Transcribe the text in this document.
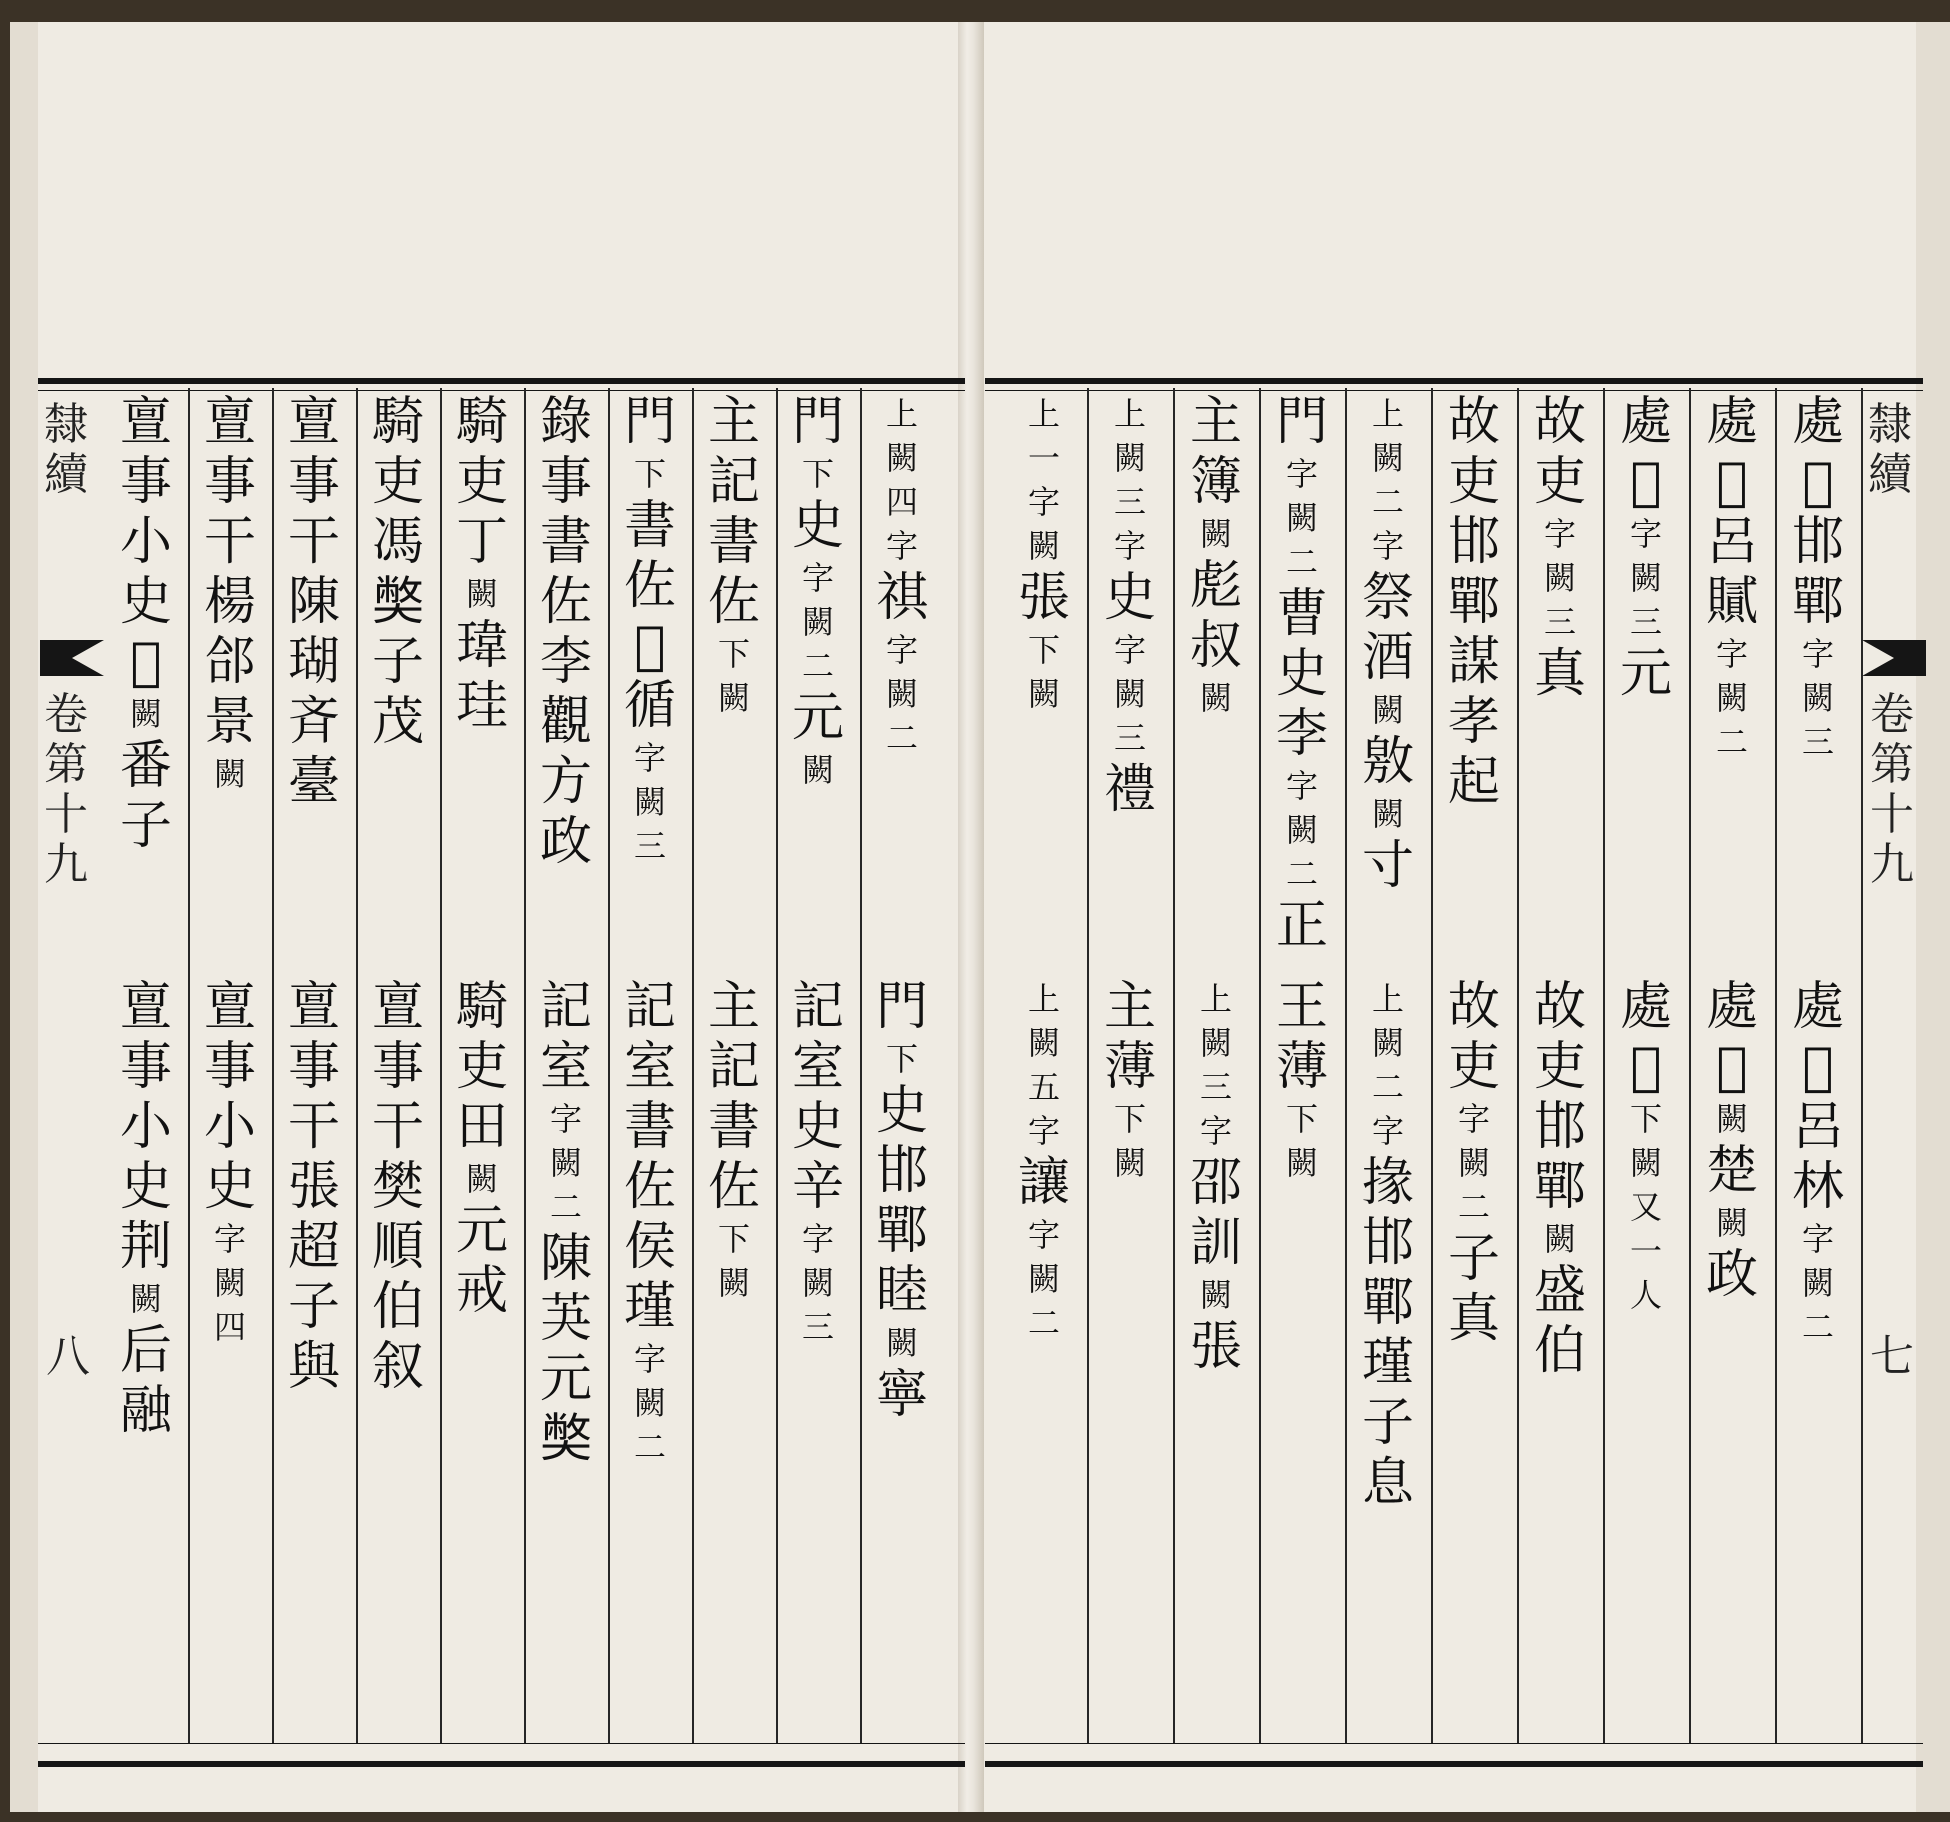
隸
續
卷
第
十
九
七
隸
續
卷
第
十
九
八
處
𡉈
邯
鄲
字
闕
三
處
𡉈
呂
林
字
闕
二
處
𡉈
呂
𧸐
字
闕
二
處
𡉈
闕
楚
闕
政
處
𡉈
字
闕
三
元
處
𡉈
下
闕
又
一
人
故
吏
字
闕
三
真
故
吏
邯
鄲
闕
盛
伯
故
吏
邯
鄲
謀
孝
起
故
吏
字
闕
二
子
真
上
闕
二
字
祭
酒
闕
敫
闕
寸
上
闕
二
字
掾
邯
鄲
瑾
子
息
門
字
闕
二
曹
史
李
字
闕
二
正
王
薄
下
闕
主
簿
闕
彪
叔
闕
上
闕
三
字
邵
訓
闕
張
上
闕
三
字
史
字
闕
三
禮
主
薄
下
闕
上
一
字
闕
張
下
闕
上
闕
五
字
讓
字
闕
二
上
闕
四
字
祺
字
闕
二
門
下
史
邯
鄲
睦
闕
寧
門
下
史
字
闕
二
元
闕
記
室
史
辛
字
闕
三
主
記
書
佐
下
闕
主
記
書
佐
下
闕
門
下
書
佐
𡉈
循
字
闕
三
記
室
書
佐
侯
瑾
字
闕
二
錄
事
書
佐
李
觀
方
政
記
室
字
闕
二
陳
芵
元
𡚁
騎
吏
丁
闕
瑋
珪
騎
吏
田
闕
元
戒
騎
吏
馮
𡚁
子
茂
亶
事
干
樊
順
伯
叙
亶
事
干
陳
瑚
斉
臺
亶
事
干
張
超
子
與
亶
事
干
楊
郃
景
闕
亶
事
小
史
字
闕
四
亶
事
小
史
𡉈
闕
番
子
亶
事
小
史
荆
闕
后
融
